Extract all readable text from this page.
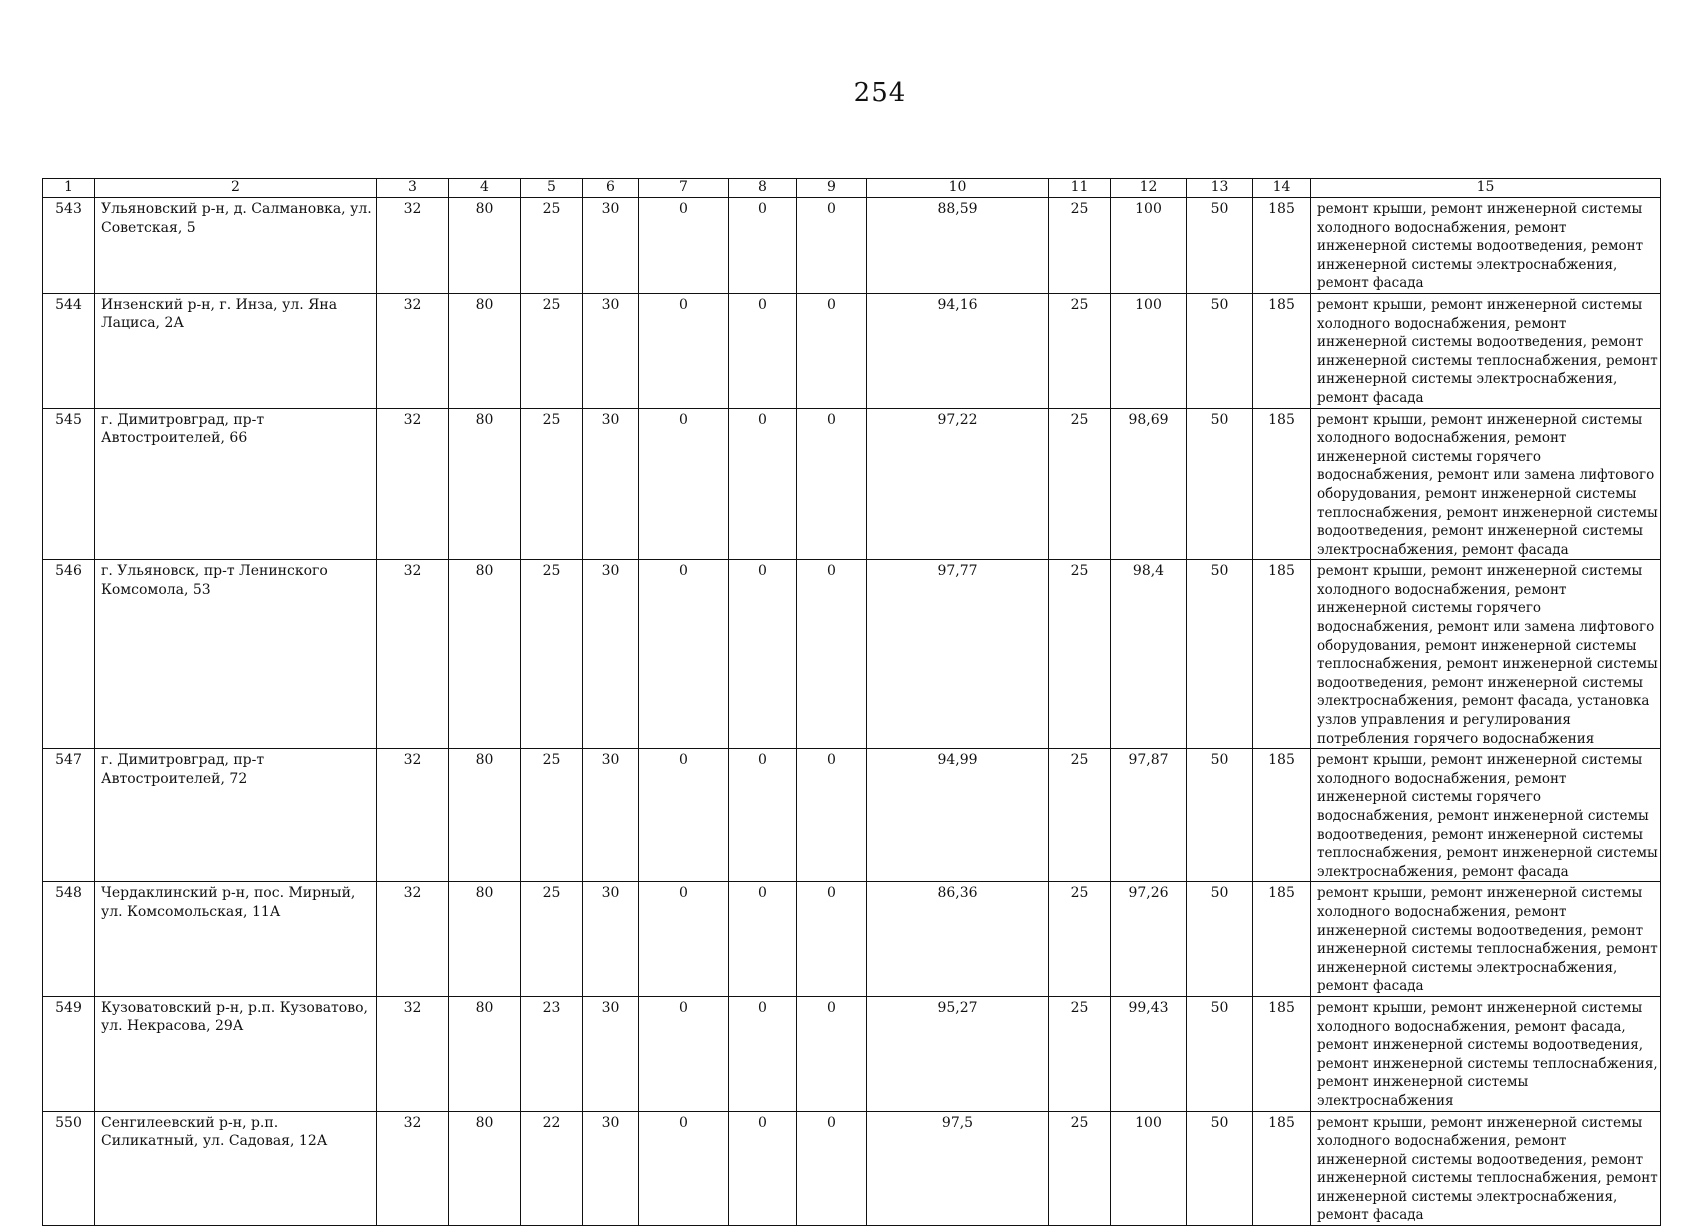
254
1	2	3	4	5	6	7	8	9	10	11	12	13	14	15
543	Ульяновский р-н, д. Салмановка, ул. Советская, 5	32	80	25	30	0	0	0	88,59	25	100	50	185	ремонт крыши, ремонт инженерной системы холодного водоснабжения, ремонт инженерной системы водоотведения, ремонт инженерной системы электроснабжения, ремонт фасада
544	Инзенский р-н, г. Инза, ул. Яна Лациса, 2А	32	80	25	30	0	0	0	94,16	25	100	50	185	ремонт крыши, ремонт инженерной системы холодного водоснабжения, ремонт инженерной системы водоотведения, ремонт инженерной системы теплоснабжения, ремонт инженерной системы электроснабжения, ремонт фасада
545	г. Димитровград, пр-т Автостроителей, 66	32	80	25	30	0	0	0	97,22	25	98,69	50	185	ремонт крыши, ремонт инженерной системы холодного водоснабжения, ремонт инженерной системы горячего водоснабжения, ремонт или замена лифтового оборудования, ремонт инженерной системы теплоснабжения, ремонт инженерной системы водоотведения, ремонт инженерной системы электроснабжения, ремонт фасада
546	г. Ульяновск, пр-т Ленинского Комсомола, 53	32	80	25	30	0	0	0	97,77	25	98,4	50	185	ремонт крыши, ремонт инженерной системы холодного водоснабжения, ремонт инженерной системы горячего водоснабжения, ремонт или замена лифтового оборудования, ремонт инженерной системы теплоснабжения, ремонт инженерной системы водоотведения, ремонт инженерной системы электроснабжения, ремонт фасада, установка узлов управления и регулирования потребления горячего водоснабжения
547	г. Димитровград, пр-т Автостроителей, 72	32	80	25	30	0	0	0	94,99	25	97,87	50	185	ремонт крыши, ремонт инженерной системы холодного водоснабжения, ремонт инженерной системы горячего водоснабжения, ремонт инженерной системы водоотведения, ремонт инженерной системы теплоснабжения, ремонт инженерной системы электроснабжения, ремонт фасада
548	Чердаклинский р-н, пос. Мирный, ул. Комсомольская, 11А	32	80	25	30	0	0	0	86,36	25	97,26	50	185	ремонт крыши, ремонт инженерной системы холодного водоснабжения, ремонт инженерной системы водоотведения, ремонт инженерной системы теплоснабжения, ремонт инженерной системы электроснабжения, ремонт фасада
549	Кузоватовский р-н, р.п. Кузоватово, ул. Некрасова, 29А	32	80	23	30	0	0	0	95,27	25	99,43	50	185	ремонт крыши, ремонт инженерной системы холодного водоснабжения, ремонт фасада, ремонт инженерной системы водоотведения, ремонт инженерной системы теплоснабжения, ремонт инженерной системы электроснабжения
550	Сенгилеевский р-н, р.п. Силикатный, ул. Садовая, 12А	32	80	22	30	0	0	0	97,5	25	100	50	185	ремонт крыши, ремонт инженерной системы холодного водоснабжения, ремонт инженерной системы водоотведения, ремонт инженерной системы теплоснабжения, ремонт инженерной системы электроснабжения, ремонт фасада
